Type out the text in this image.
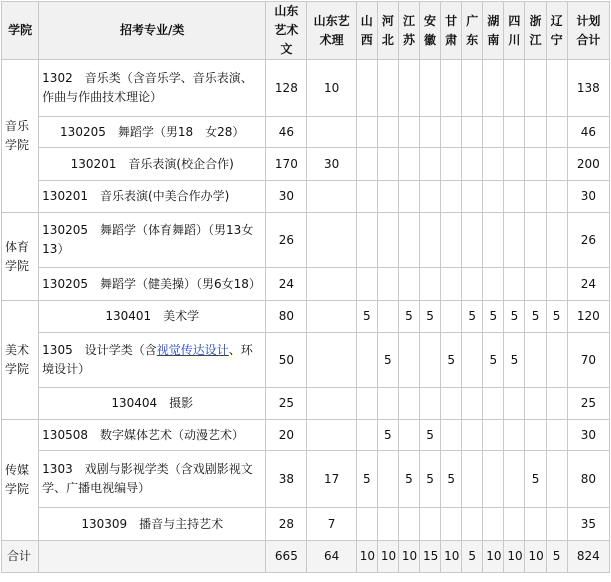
学院	招考专业/类	山东艺术文	山东艺术理	山西	河北	江苏	安徽	甘肃	广东	湖南	四川	浙江	辽宁	计划合计
音乐学院	1302　音乐类（含音乐学、音乐表演、作曲与作曲技术理论）	128	10											138
	130205　舞蹈学（男18　女28）	46												46
	130201　音乐表演(校企合作)	170	30											200
	130201　音乐表演(中美合作办学)	30												30
体育学院	130205　舞蹈学（体育舞蹈）（男13女13）	26												26
	130205　舞蹈学（健美操）（男6女18）	24												24
美术学院	130401　美术学	80		5		5	5		5	5	5	5	5	120
	1305　设计学类（含视觉传达设计、环境设计）	50			5			5		5	5			70
	130404　摄影	25												25
传媒学院	130508　数字媒体艺术（动漫艺术）	20			5		5							30
	1303　戏剧与影视学类（含戏剧影视文学、广播电视编导）	38	17	5		5	5	5				5		80
	130309　播音与主持艺术	28	7											35
合计		665	64	10	10	10	15	10	5	10	10	10	5	824
